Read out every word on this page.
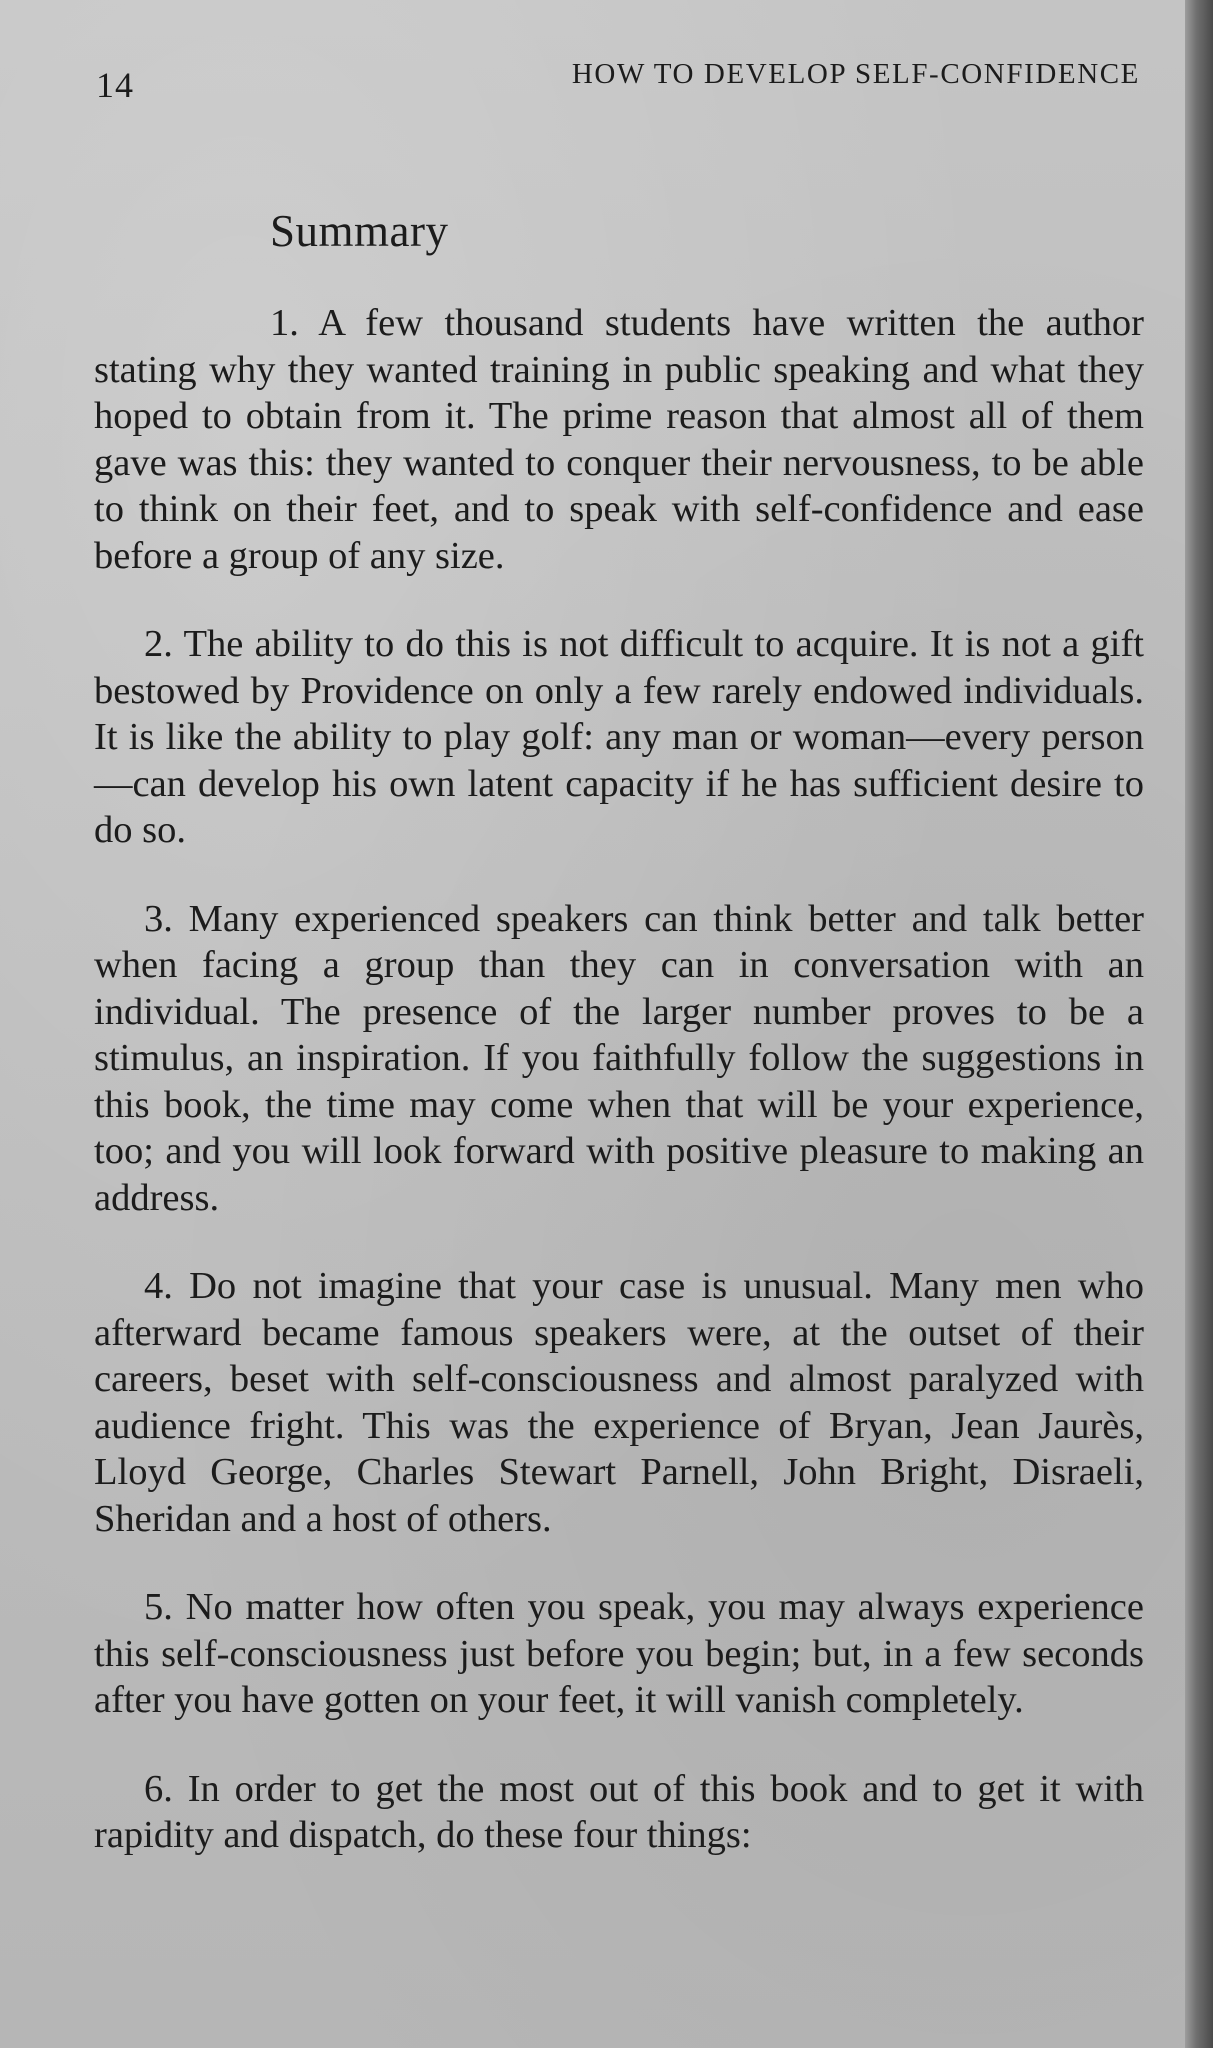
14	HOW TO DEVELOP SELF-CONFIDENCE
Summary

1. A few thousand students have written the author stating why they wanted training in public speaking and what they hoped to obtain from it. The prime reason that almost all of them gave was this: they wanted to conquer their nervousness, to be able to think on their feet, and to speak with self-confidence and ease before a group of any size.

2. The ability to do this is not difficult to acquire. It is not a gift bestowed by Providence on only a few rarely endowed individuals. It is like the ability to play golf: any man or woman—every person—can develop his own latent capacity if he has sufficient desire to do so.

3. Many experienced speakers can think better and talk better when facing a group than they can in conversation with an individual. The presence of the larger number proves to be a stimulus, an inspiration. If you faithfully follow the suggestions in this book, the time may come when that will be your experience, too; and you will look forward with positive pleasure to making an address.

4. Do not imagine that your case is unusual. Many men who afterward became famous speakers were, at the outset of their careers, beset with self-consciousness and almost paralyzed with audience fright. This was the experience of Bryan, Jean Jaurès, Lloyd George, Charles Stewart Parnell, John Bright, Disraeli, Sheridan and a host of others.

5. No matter how often you speak, you may always experience this self-consciousness just before you begin; but, in a few seconds after you have gotten on your feet, it will vanish completely.

6. In order to get the most out of this book and to get it with rapidity and dispatch, do these four things:
